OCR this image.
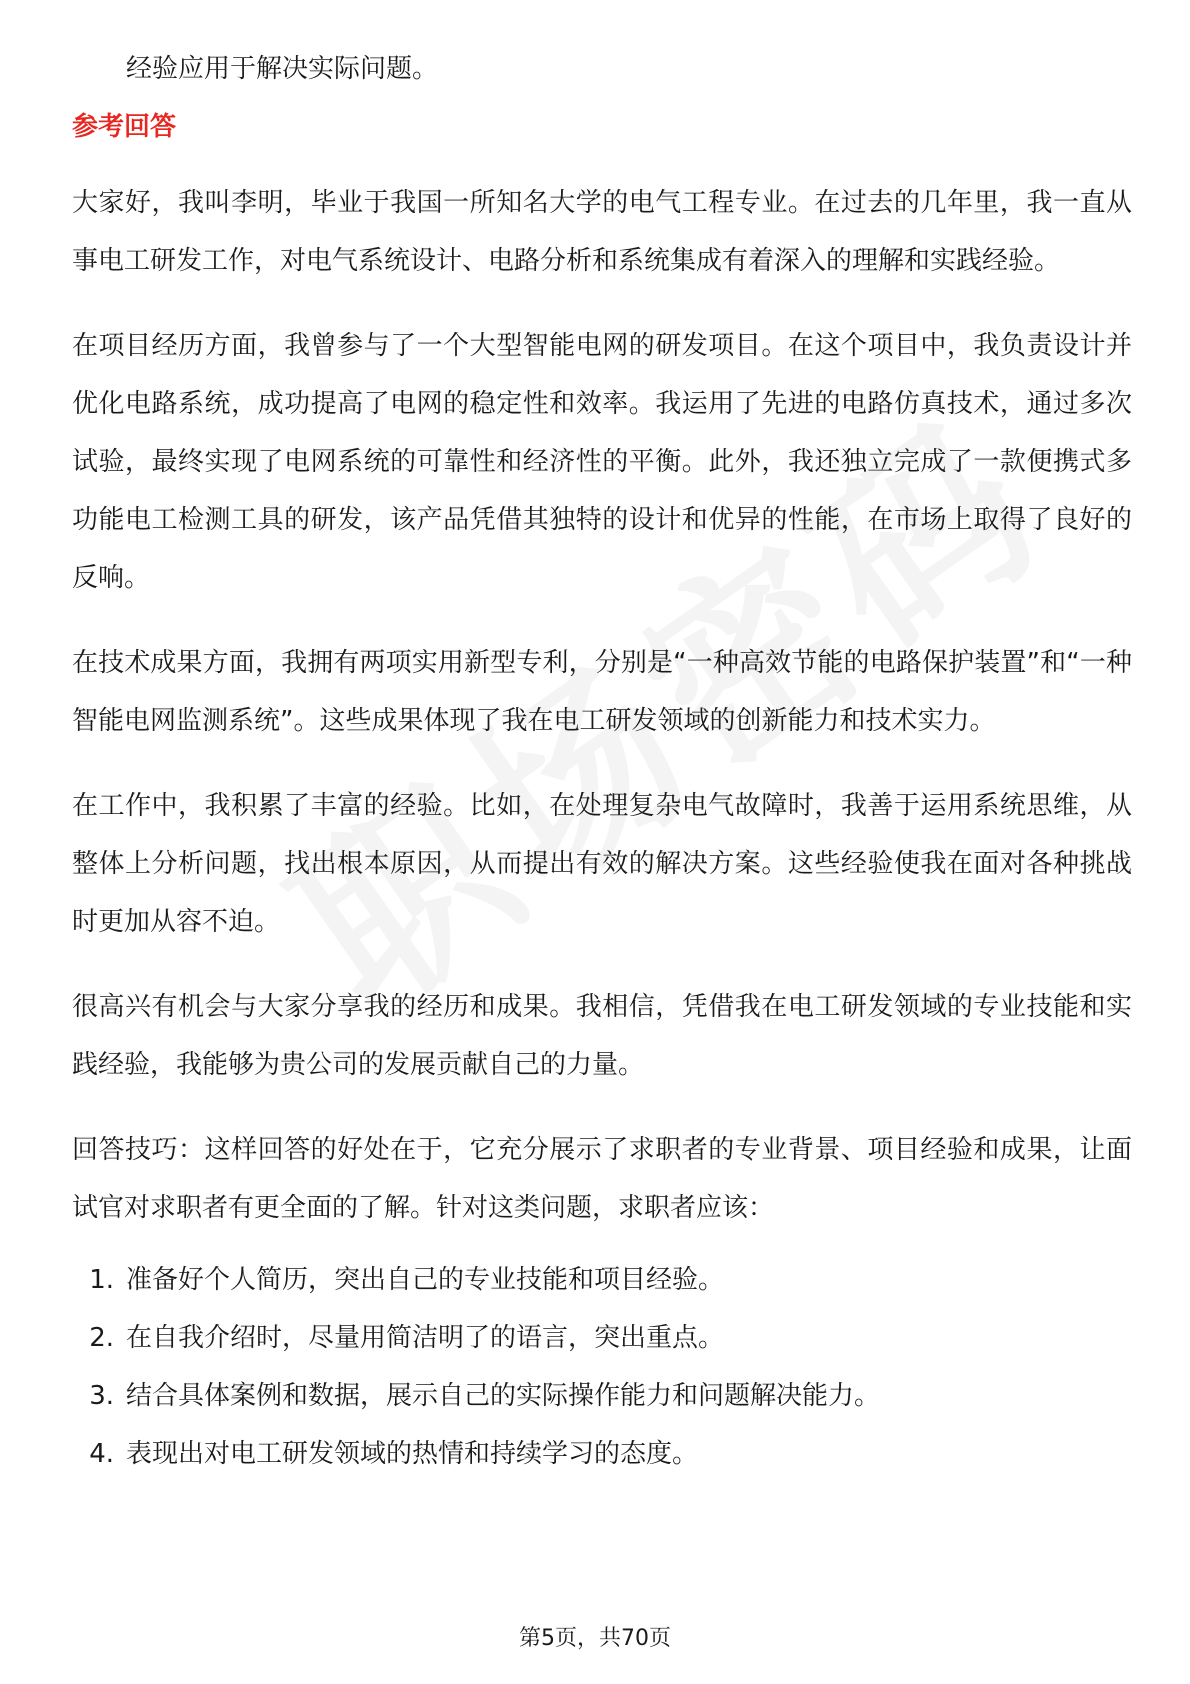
经验应用于解决实际问题。

参考回答

大家好，我叫李明，毕业于我国一所知名大学的电气工程专业。在过去的几年里，我一直从事电工研发工作，对电气系统设计、电路分析和系统集成有着深入的理解和实践经验。

在项目经历方面，我曾参与了一个大型智能电网的研发项目。在这个项目中，我负责设计并优化电路系统，成功提高了电网的稳定性和效率。我运用了先进的电路仿真技术，通过多次试验，最终实现了电网系统的可靠性和经济性的平衡。此外，我还独立完成了一款便携式多功能电工检测工具的研发，该产品凭借其独特的设计和优异的性能，在市场上取得了良好的反响。

在技术成果方面，我拥有两项实用新型专利，分别是“一种高效节能的电路保护装置”和“一种智能电网监测系统”。这些成果体现了我在电工研发领域的创新能力和技术实力。

在工作中，我积累了丰富的经验。比如，在处理复杂电气故障时，我善于运用系统思维，从整体上分析问题，找出根本原因，从而提出有效的解决方案。这些经验使我在面对各种挑战时更加从容不迫。

很高兴有机会与大家分享我的经历和成果。我相信，凭借我在电工研发领域的专业技能和实践经验，我能够为贵公司的发展贡献自己的力量。

回答技巧：这样回答的好处在于，它充分展示了求职者的专业背景、项目经验和成果，让面试官对求职者有更全面的了解。针对这类问题，求职者应该：

1. 准备好个人简历，突出自己的专业技能和项目经验。
2. 在自我介绍时，尽量用简洁明了的语言，突出重点。
3. 结合具体案例和数据，展示自己的实际操作能力和问题解决能力。
4. 表现出对电工研发领域的热情和持续学习的态度。
第5页，共70页
